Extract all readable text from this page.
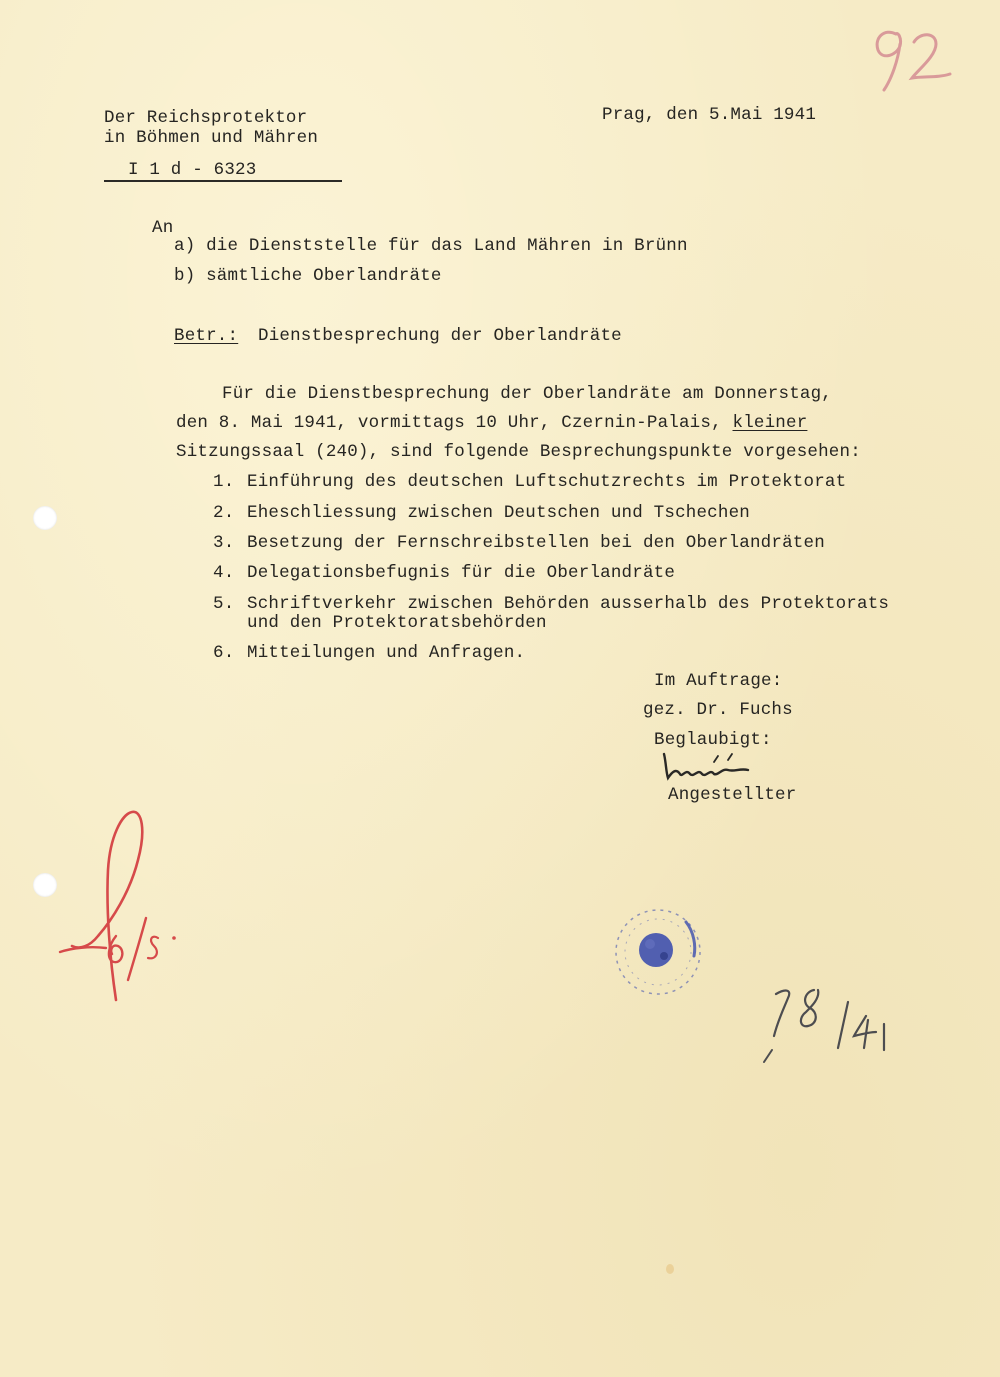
Der Reichsprotektor
in Böhmen und Mähren
I 1 d - 6323
Prag, den 5.Mai 1941
An
a) die Dienststelle für das Land Mähren in Brünn
b) sämtliche Oberlandräte
Betr.: Dienstbesprechung der Oberlandräte
Für die Dienstbesprechung der Oberlandräte am Donnerstag,
den 8. Mai 1941, vormittags 10 Uhr, Czernin-Palais, kleiner
Sitzungssaal (240), sind folgende Besprechungspunkte vorgesehen:
1. Einführung des deutschen Luftschutzrechts im Protektorat
2. Eheschliessung zwischen Deutschen und Tschechen
3. Besetzung der Fernschreibstellen bei den Oberlandräten
4. Delegationsbefugnis für die Oberlandräte
5. Schriftverkehr zwischen Behörden ausserhalb des Protektorats
und den Protektoratsbehörden
6. Mitteilungen und Anfragen.
Im Auftrage:
gez. Dr. Fuchs
Beglaubigt:
Angestellter
